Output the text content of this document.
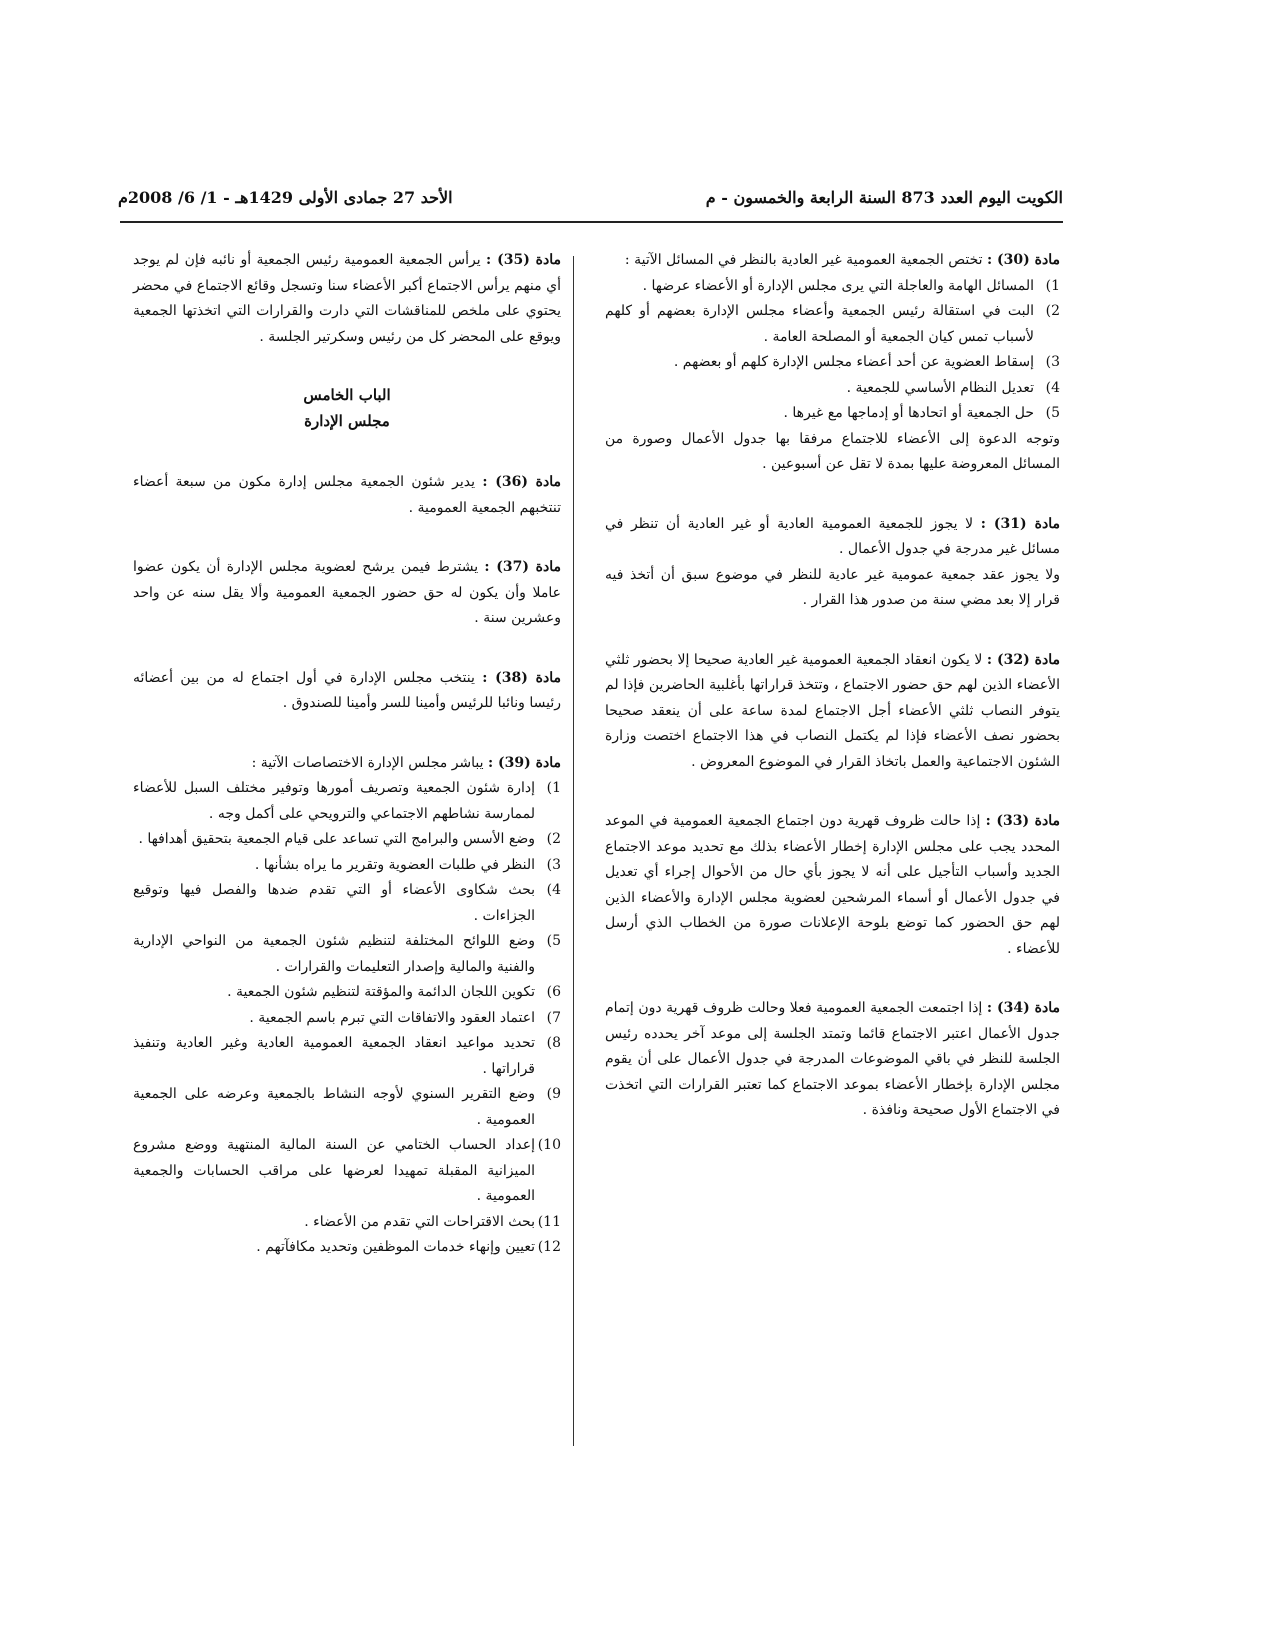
الكويت اليوم العدد 873 السنة الرابعة والخمسون - م
الأحد 27 جمادى الأولى 1429هـ - 1/ 6/ 2008م
مادة (30) : تختص الجمعية العمومية غير العادية بالنظر في المسائل الآتية :
1)المسائل الهامة والعاجلة التي يرى مجلس الإدارة أو الأعضاء عرضها .
2)البت في استقالة رئيس الجمعية وأعضاء مجلس الإدارة بعضهم أو كلهم لأسباب تمس كيان الجمعية أو المصلحة العامة .
3)إسقاط العضوية عن أحد أعضاء مجلس الإدارة كلهم أو بعضهم .
4)تعديل النظام الأساسي للجمعية .
5)حل الجمعية أو اتحادها أو إدماجها مع غيرها .
وتوجه الدعوة إلى الأعضاء للاجتماع مرفقا بها جدول الأعمال وصورة من المسائل المعروضة عليها بمدة لا تقل عن أسبوعين .
مادة (31) : لا يجوز للجمعية العمومية العادية أو غير العادية أن تنظر في مسائل غير مدرجة في جدول الأعمال .
ولا يجوز عقد جمعية عمومية غير عادية للنظر في موضوع سبق أن أتخذ فيه قرار إلا بعد مضي سنة من صدور هذا القرار .
مادة (32) : لا يكون انعقاد الجمعية العمومية غير العادية صحيحا إلا بحضور ثلثي الأعضاء الذين لهم حق حضور الاجتماع ، وتتخذ قراراتها بأغلبية الحاضرين فإذا لم يتوفر النصاب ثلثي الأعضاء أجل الاجتماع لمدة ساعة على أن ينعقد صحيحا بحضور نصف الأعضاء فإذا لم يكتمل النصاب في هذا الاجتماع اختصت وزارة الشئون الاجتماعية والعمل باتخاذ القرار في الموضوع المعروض .
مادة (33) : إذا حالت ظروف قهرية دون اجتماع الجمعية العمومية في الموعد المحدد يجب على مجلس الإدارة إخطار الأعضاء بذلك مع تحديد موعد الاجتماع الجديد وأسباب التأجيل على أنه لا يجوز بأي حال من الأحوال إجراء أي تعديل في جدول الأعمال أو أسماء المرشحين لعضوية مجلس الإدارة والأعضاء الذين لهم حق الحضور كما توضع بلوحة الإعلانات صورة من الخطاب الذي أرسل للأعضاء .
مادة (34) : إذا اجتمعت الجمعية العمومية فعلا وحالت ظروف قهرية دون إتمام جدول الأعمال اعتبر الاجتماع قائما وتمتد الجلسة إلى موعد آخر يحدده رئيس الجلسة للنظر في باقي الموضوعات المدرجة في جدول الأعمال على أن يقوم مجلس الإدارة بإخطار الأعضاء بموعد الاجتماع كما تعتبر القرارات التي اتخذت في الاجتماع الأول صحيحة ونافذة .
مادة (35) : يرأس الجمعية العمومية رئيس الجمعية أو نائبه فإن لم يوجد أي منهم يرأس الاجتماع أكبر الأعضاء سنا وتسجل وقائع الاجتماع في محضر يحتوي على ملخص للمناقشات التي دارت والقرارات التي اتخذتها الجمعية ويوقع على المحضر كل من رئيس وسكرتير الجلسة .
الباب الخامس
مجلس الإدارة
مادة (36) : يدير شئون الجمعية مجلس إدارة مكون من سبعة أعضاء تنتخبهم الجمعية العمومية .
مادة (37) : يشترط فيمن يرشح لعضوية مجلس الإدارة أن يكون عضوا عاملا وأن يكون له حق حضور الجمعية العمومية وألا يقل سنه عن واحد وعشرين سنة .
مادة (38) : ينتخب مجلس الإدارة في أول اجتماع له من بين أعضائه رئيسا ونائبا للرئيس وأمينا للسر وأمينا للصندوق .
مادة (39) : يباشر مجلس الإدارة الاختصاصات الآتية :
1)إدارة شئون الجمعية وتصريف أمورها وتوفير مختلف السبل للأعضاء لممارسة نشاطهم الاجتماعي والترويحي على أكمل وجه .
2)وضع الأسس والبرامج التي تساعد على قيام الجمعية بتحقيق أهدافها .
3)النظر في طلبات العضوية وتقرير ما يراه بشأنها .
4)بحث شكاوى الأعضاء أو التي تقدم ضدها والفصل فيها وتوقيع الجزاءات .
5)وضع اللوائح المختلفة لتنظيم شئون الجمعية من النواحي الإدارية والفنية والمالية وإصدار التعليمات والقرارات .
6)تكوين اللجان الدائمة والمؤقتة لتنظيم شئون الجمعية .
7)اعتماد العقود والاتفاقات التي تبرم باسم الجمعية .
8)تحديد مواعيد انعقاد الجمعية العمومية العادية وغير العادية وتنفيذ قراراتها .
9)وضع التقرير السنوي لأوجه النشاط بالجمعية وعرضه على الجمعية العمومية .
10)إعداد الحساب الختامي عن السنة المالية المنتهية ووضع مشروع الميزانية المقبلة تمهيدا لعرضها على مراقب الحسابات والجمعية العمومية .
11)بحث الاقتراحات التي تقدم من الأعضاء .
12)تعيين وإنهاء خدمات الموظفين وتحديد مكافآتهم .
